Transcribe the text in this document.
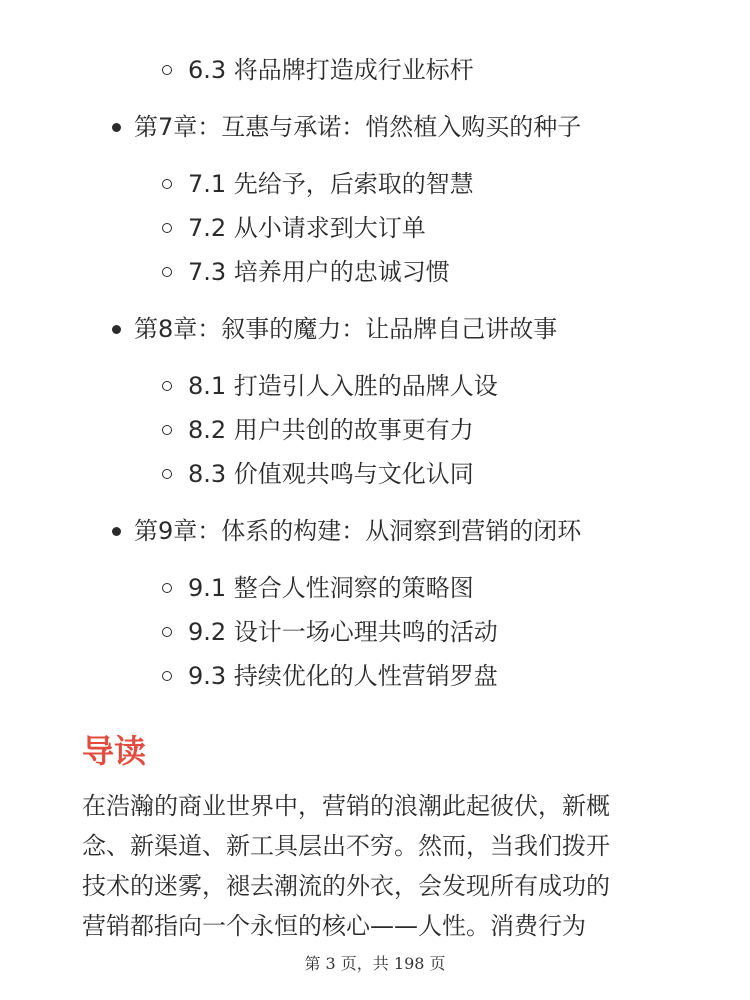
6.3 将品牌打造成行业标杆
第7章：互惠与承诺：悄然植入购买的种子
7.1 先给予，后索取的智慧
7.2 从小请求到大订单
7.3 培养用户的忠诚习惯
第8章：叙事的魔力：让品牌自己讲故事
8.1 打造引人入胜的品牌人设
8.2 用户共创的故事更有力
8.3 价值观共鸣与文化认同
第9章：体系的构建：从洞察到营销的闭环
9.1 整合人性洞察的策略图
9.2 设计一场心理共鸣的活动
9.3 持续优化的人性营销罗盘
导读
在浩瀚的商业世界中，营销的浪潮此起彼伏，新概
念、新渠道、新工具层出不穷。然而，当我们拨开
技术的迷雾，褪去潮流的外衣，会发现所有成功的
营销都指向一个永恒的核心——人性。消费行为
第 3 页，共 198 页
